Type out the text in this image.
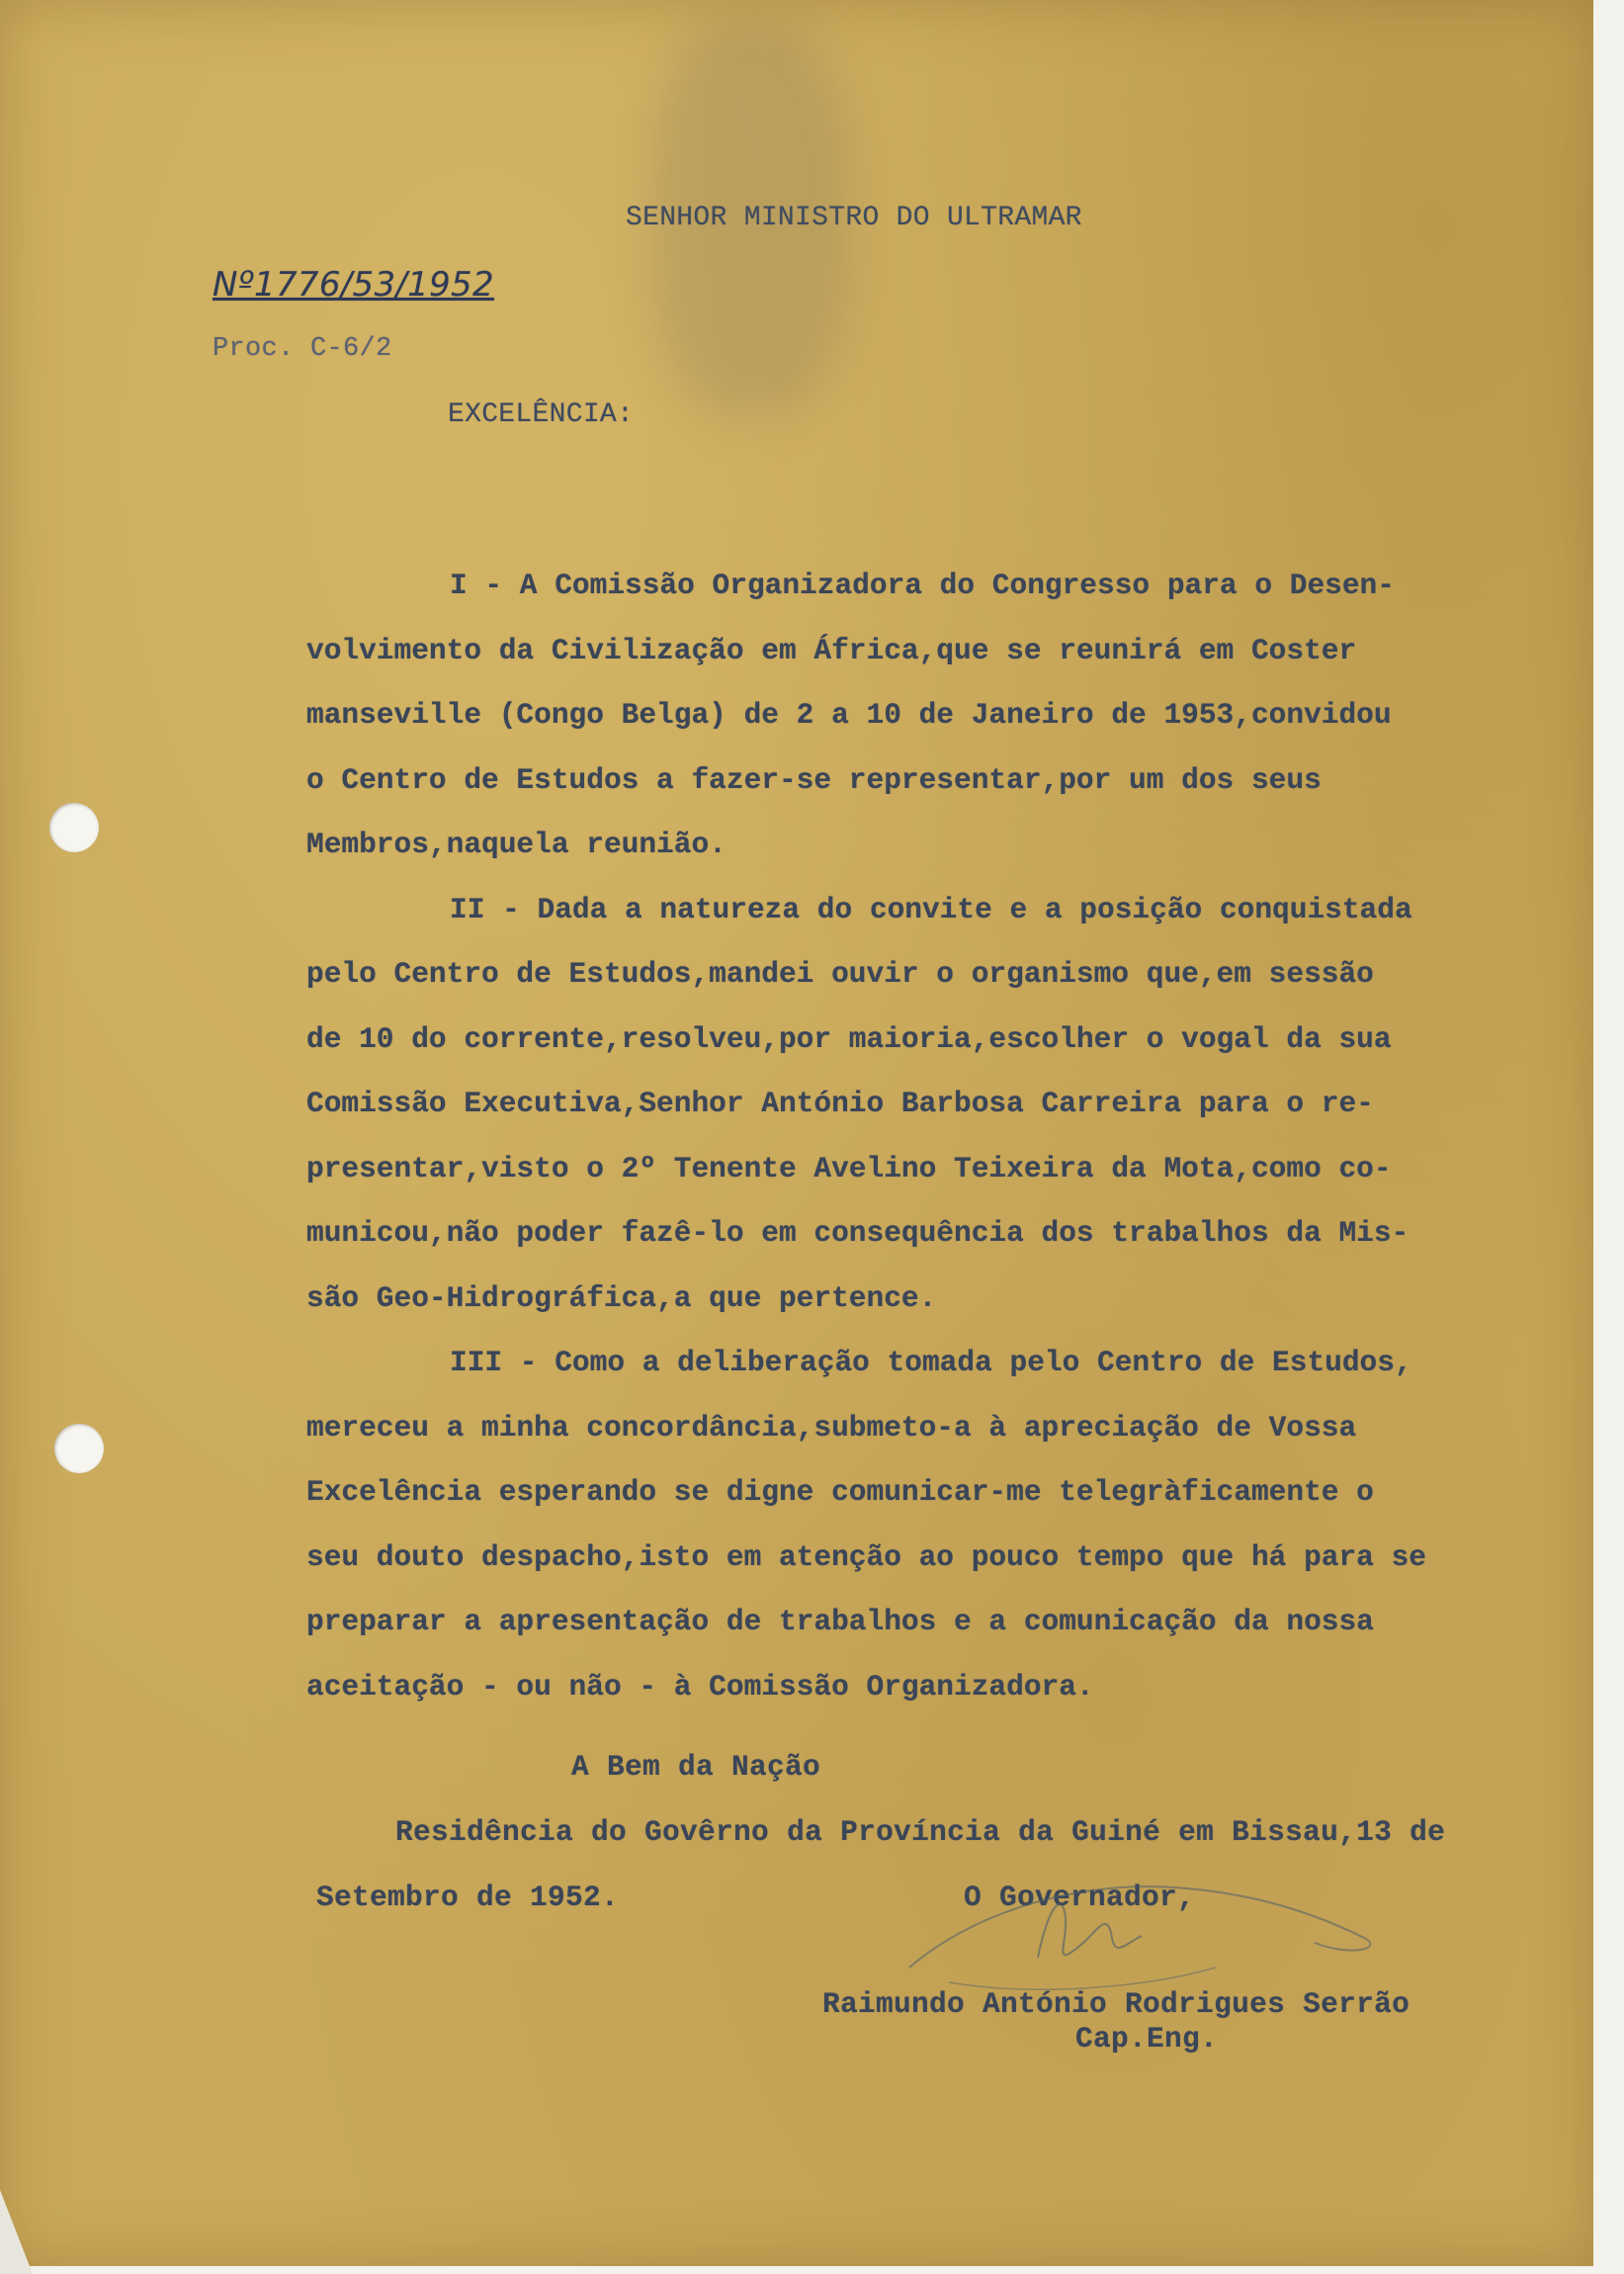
SENHOR MINISTRO DO ULTRAMAR
Nº1776/53/1952
Proc. C-6/2
EXCELÊNCIA:
I - A Comissão Organizadora do Congresso para o Desen-
volvimento da Civilização em África,que se reunirá em Coster
manseville (Congo Belga) de 2 a 10 de Janeiro de 1953,convidou
o Centro de Estudos a fazer-se representar,por um dos seus
Membros,naquela reunião.
II - Dada a natureza do convite e a posição conquistada
pelo Centro de Estudos,mandei ouvir o organismo que,em sessão
de 10 do corrente,resolveu,por maioria,escolher o vogal da sua
Comissão Executiva,Senhor António Barbosa Carreira para o re-
presentar,visto o 2º Tenente Avelino Teixeira da Mota,como co-
municou,não poder fazê-lo em consequência dos trabalhos da Mis-
são Geo-Hidrográfica,a que pertence.
III - Como a deliberação tomada pelo Centro de Estudos,
mereceu a minha concordância,submeto-a à apreciação de Vossa
Excelência esperando se digne comunicar-me telegràficamente o
seu douto despacho,isto em atenção ao pouco tempo que há para se
preparar a apresentação de trabalhos e a comunicação da nossa
aceitação - ou não - à Comissão Organizadora.
A Bem da Nação
Residência do Govêrno da Província da Guiné em Bissau,13 de
Setembro de 1952.	O Governador,
Raimundo António Rodrigues Serrão
Cap.Eng.
